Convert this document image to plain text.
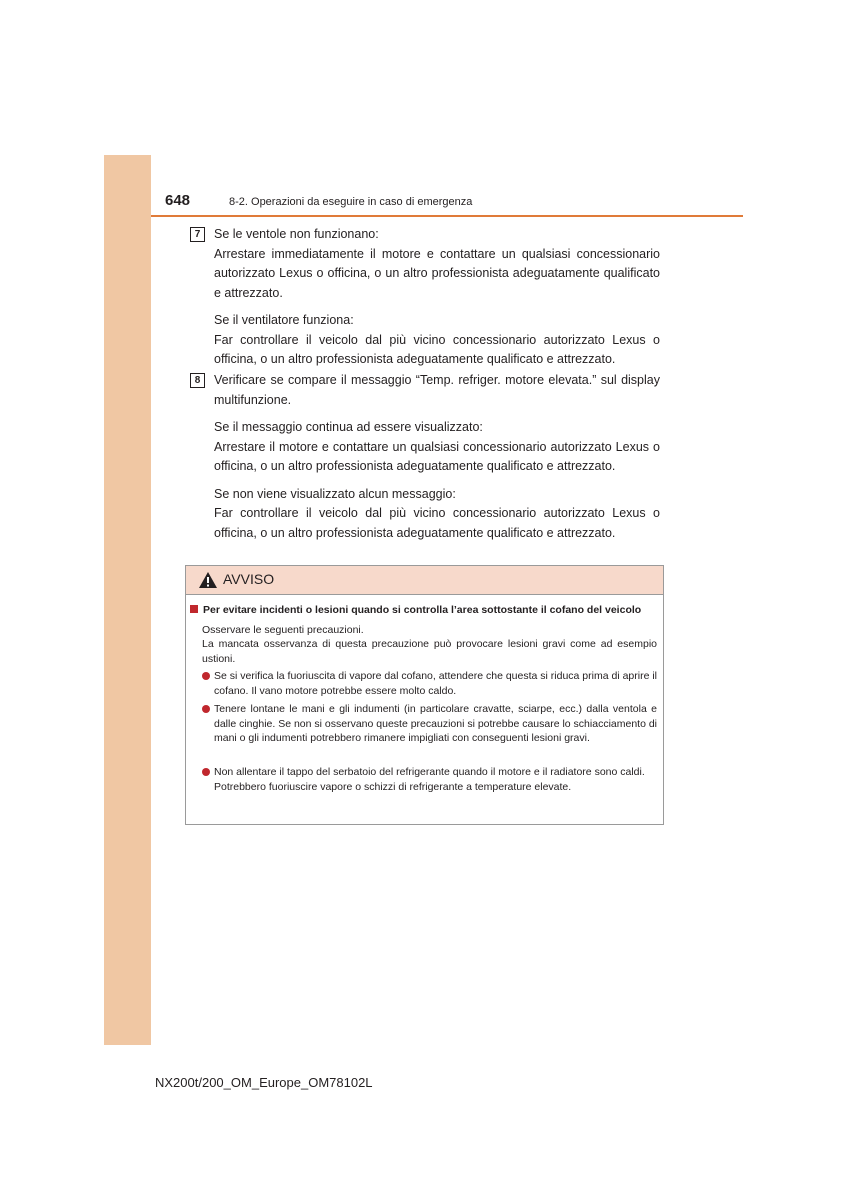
648	8-2. Operazioni da eseguire in caso di emergenza
7	Se le ventole non funzionano:

Arrestare immediatamente il motore e contattare un qualsiasi concessionario autorizzato Lexus o officina, o un altro professionista adeguatamente qualificato e attrezzato.

Se il ventilatore funziona:

Far controllare il veicolo dal più vicino concessionario autorizzato Lexus o officina, o un altro professionista adeguatamente qualificato e attrezzato.

8	Verificare se compare il messaggio “Temp. refriger. motore elevata.” sul display multifunzione.

Se il messaggio continua ad essere visualizzato:

Arrestare il motore e contattare un qualsiasi concessionario autorizzato Lexus o officina, o un altro professionista adeguatamente qualificato e attrezzato.

Se non viene visualizzato alcun messaggio:

Far controllare il veicolo dal più vicino concessionario autorizzato Lexus o officina, o un altro professionista adeguatamente qualificato e attrezzato.

AVVISO
Per evitare incidenti o lesioni quando si controlla l’area sottostante il cofano del veicolo
Osservare le seguenti precauzioni.
La mancata osservanza di questa precauzione può provocare lesioni gravi come ad esempio ustioni.
Se si verifica la fuoriuscita di vapore dal cofano, attendere che questa si riduca prima di aprire il cofano. Il vano motore potrebbe essere molto caldo.
Tenere lontane le mani e gli indumenti (in particolare cravatte, sciarpe, ecc.) dalla ventola e dalle cinghie. Se non si osservano queste precauzioni si potrebbe causare lo schiacciamento di mani o gli indumenti potrebbero rimanere impigliati con conseguenti lesioni gravi.
Non allentare il tappo del serbatoio del refrigerante quando il motore e il radiatore sono caldi.
Potrebbero fuoriuscire vapore o schizzi di refrigerante a temperature elevate.
NX200t/200_OM_Europe_OM78102L
